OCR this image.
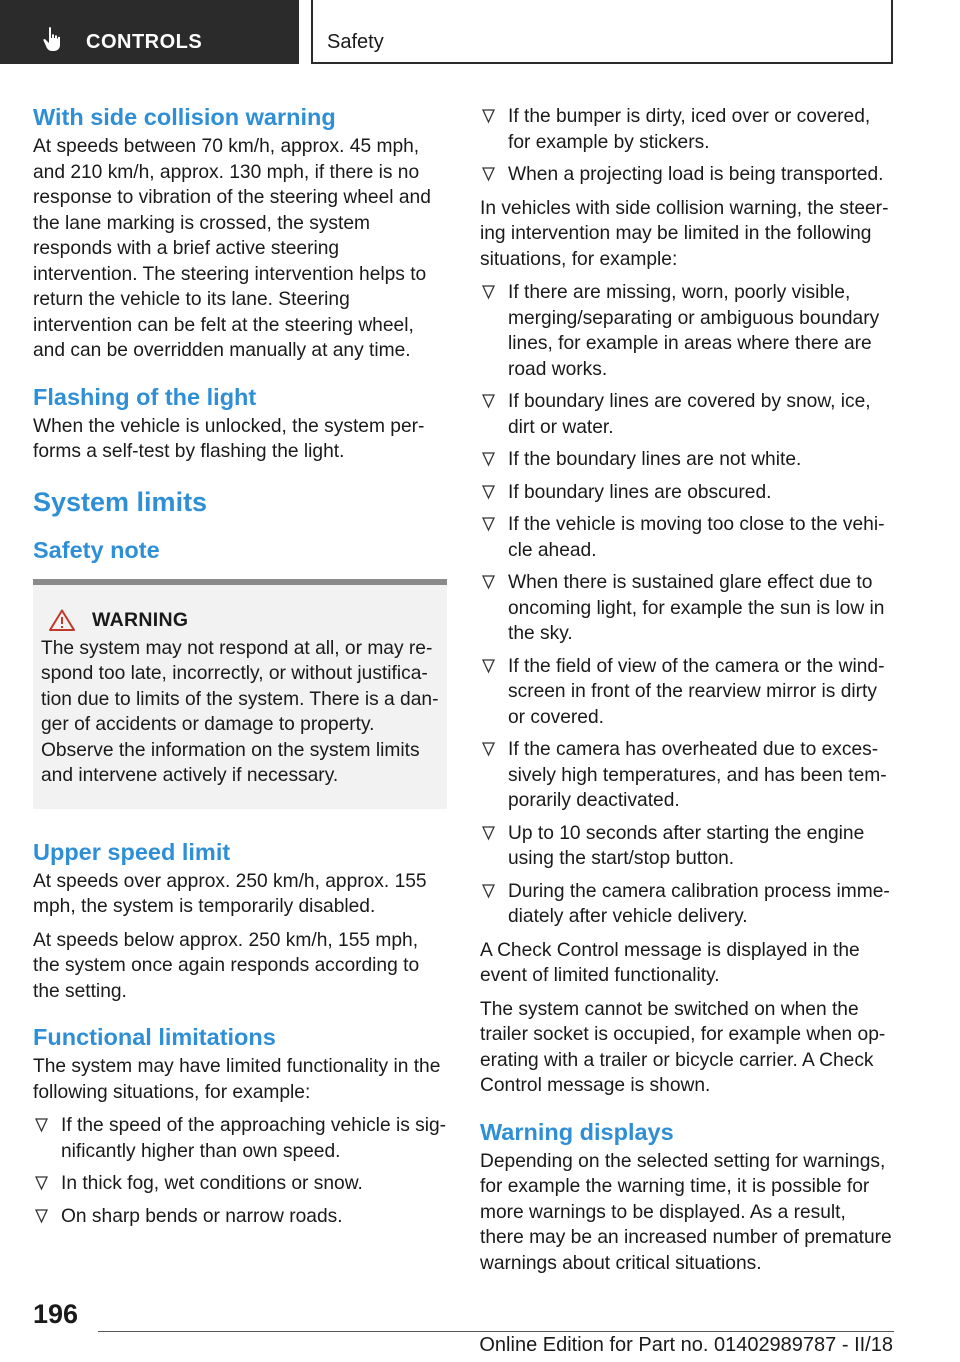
CONTROLS	Safety
With side collision warning

At speeds between 70 km/h, approx. 45 mph, and 210 km/h, approx. 130 mph, if there is no response to vibration of the steering wheel and the lane marking is crossed, the system responds with a brief active steering intervention. The steering intervention helps to return the vehicle to its lane. Steering intervention can be felt at the steering wheel, and can be overridden manually at any time.

Flashing of the light

When the vehicle is unlocked, the system performs a self-test by flashing the light.

System limits
Safety note
WARNING

The system may not respond at all, or may respond too late, incorrectly, or without justification due to limits of the system. There is a danger of accidents or damage to property. Observe the information on the system limits and intervene actively if necessary.

Upper speed limit

At speeds over approx. 250 km/h, approx. 155 mph, the system is temporarily disabled.

At speeds below approx. 250 km/h, 155 mph, the system once again responds according to the setting.

Functional limitations

The system may have limited functionality in the following situations, for example:

If the speed of the approaching vehicle is significantly higher than own speed.
In thick fog, wet conditions or snow.
On sharp bends or narrow roads.
If the bumper is dirty, iced over or covered, for example by stickers.
When a projecting load is being transported.

In vehicles with side collision warning, the steering intervention may be limited in the following situations, for example:

If there are missing, worn, poorly visible, merging/separating or ambiguous boundary lines, for example in areas where there are road works.
If boundary lines are covered by snow, ice, dirt or water.
If the boundary lines are not white.
If boundary lines are obscured.
If the vehicle is moving too close to the vehicle ahead.
When there is sustained glare effect due to oncoming light, for example the sun is low in the sky.
If the field of view of the camera or the windscreen in front of the rearview mirror is dirty or covered.
If the camera has overheated due to excessively high temperatures, and has been temporarily deactivated.
Up to 10 seconds after starting the engine using the start/stop button.
During the camera calibration process immediately after vehicle delivery.

A Check Control message is displayed in the event of limited functionality.

The system cannot be switched on when the trailer socket is occupied, for example when operating with a trailer or bicycle carrier. A Check Control message is shown.

Warning displays

Depending on the selected setting for warnings, for example the warning time, it is possible for more warnings to be displayed. As a result, there may be an increased number of premature warnings about critical situations.

196
Online Edition for Part no. 01402989787 - II/18
